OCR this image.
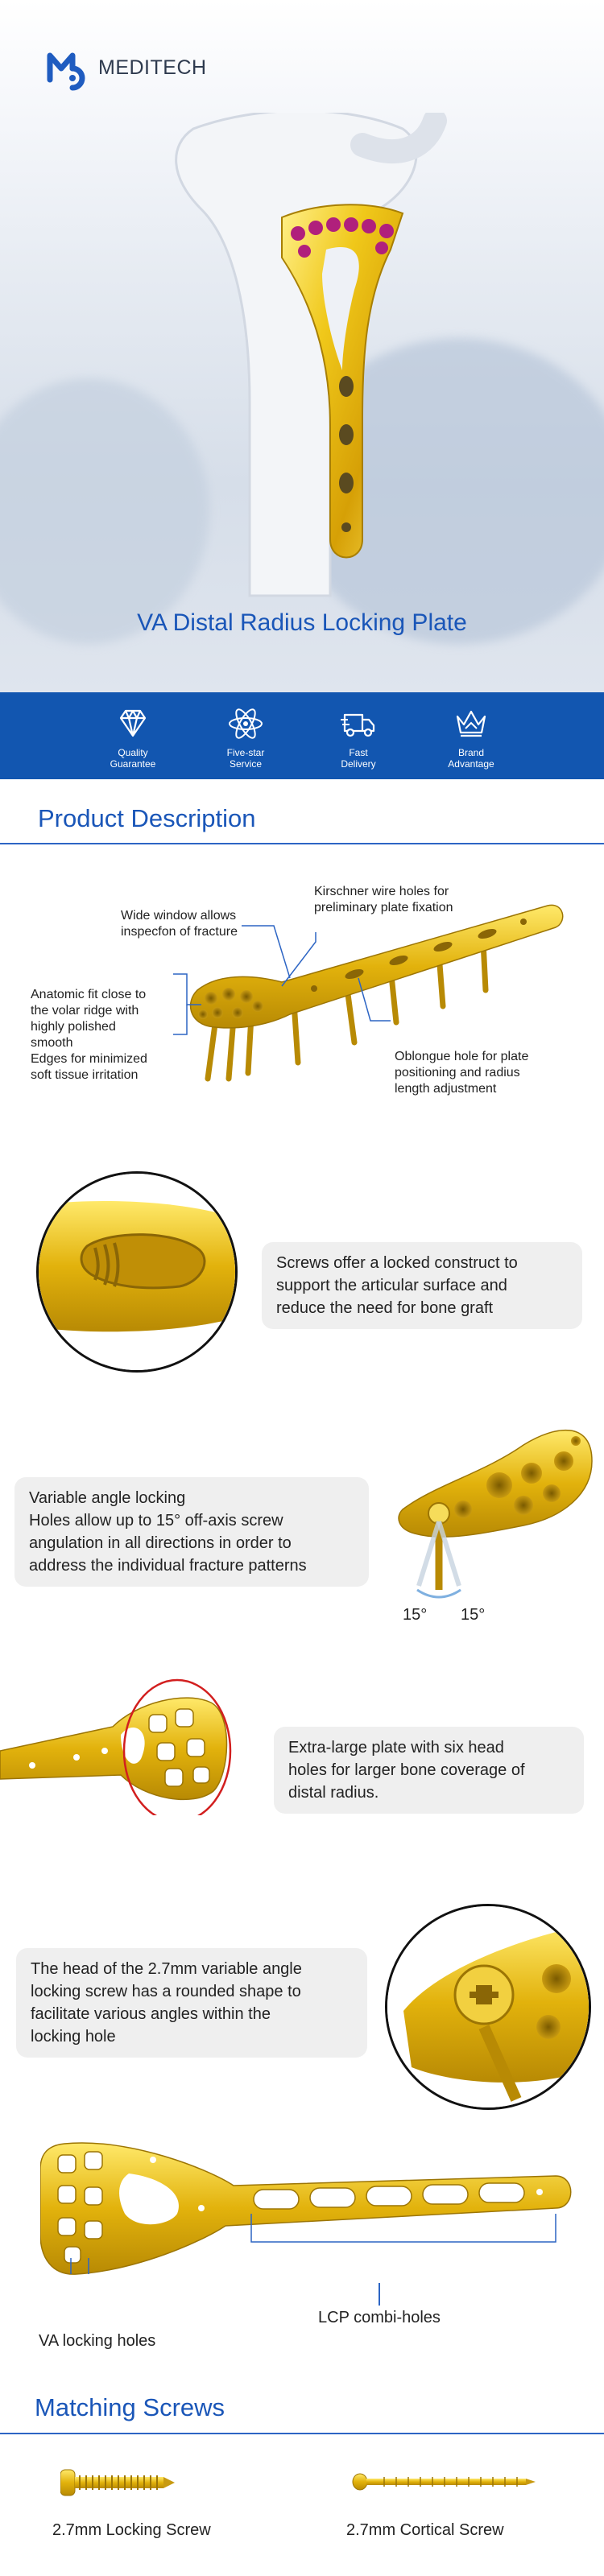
MEDITECH
VA Distal Radius Locking Plate
Quality
Guarantee
Five-star
Service
Fast
Delivery
Brand
Advantage
Product Description
Kirschner wire holes for
preliminary plate fixation
Wide window allows
inspecfon of fracture
Anatomic fit close to
the volar ridge with
highly polished
smooth
Edges for minimized
soft tissue irritation
Oblongue hole for plate
positioning and radius
length adjustment
Screws offer a locked construct to
support the articular surface and
reduce the need for bone graft
Variable angle locking
Holes allow up to 15° off-axis screw
angulation in all directions in order to
address the individual fracture patterns
15° 15°
Extra-large plate with six head
holes for larger bone coverage of
distal radius.
The head of the 2.7mm variable angle
locking screw has a rounded shape to
facilitate various angles within the
locking hole
VA locking holes
LCP combi-holes
Matching Screws
2.7mm Locking Screw	2.7mm Cortical Screw
